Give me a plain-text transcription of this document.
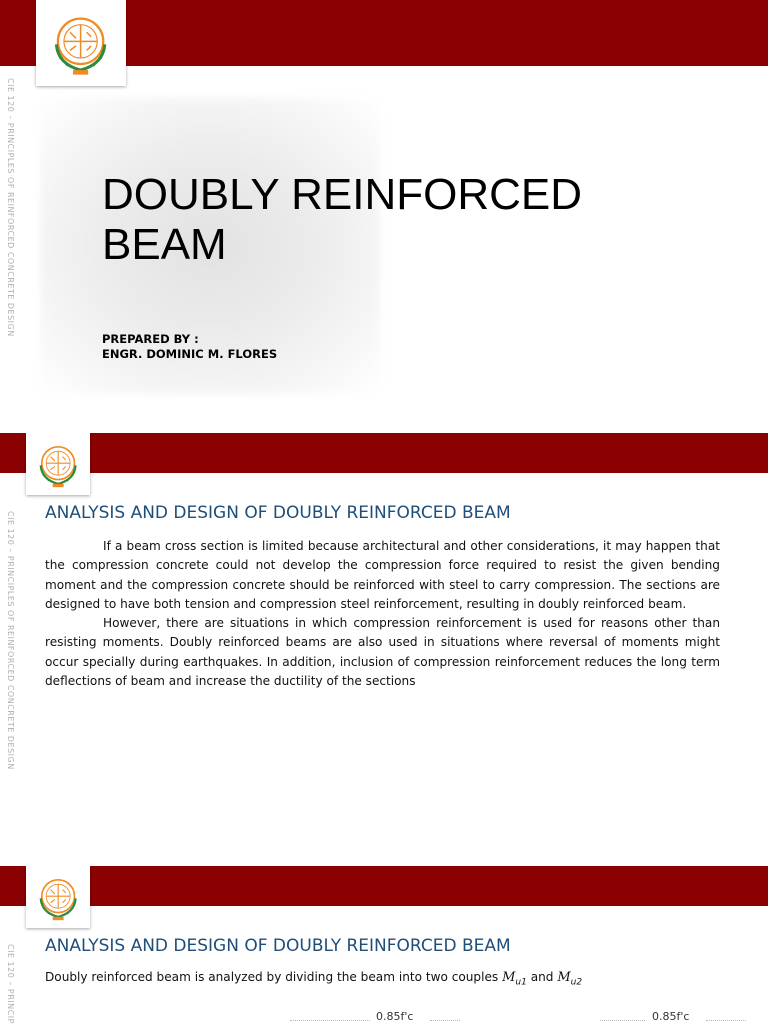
CIE 120 – PRINCIPLES OF REINFORCED CONCRETE DESIGN DOUBLY REINFORCED BEAM
PREPARED BY :
ENGR. DOMINIC M. FLORES
CIE 120 – PRINCIPLES OF REINFORCED CONCRETE DESIGN ANALYSIS AND DESIGN OF DOUBLY REINFORCED BEAM

If a beam cross section is limited because architectural and other considerations, it may happen that the compression concrete could not develop the compression force required to resist the given bending moment and the compression concrete should be reinforced with steel to carry compression. The sections are designed to have both tension and compression steel reinforcement, resulting in doubly reinforced beam.

However, there are situations in which compression reinforcement is used for reasons other than resisting moments. Doubly reinforced beams are also used in situations where reversal of moments might occur specially during earthquakes. In addition, inclusion of compression reinforcement reduces the long term deflections of beam and increase the ductility of the sections

CIE 120 – PRINCIP ANALYSIS AND DESIGN OF DOUBLY REINFORCED BEAM
Doubly reinforced beam is analyzed by dividing the beam into two couples $M_{u1}$ and $M_{u2}$
0.85f'c	0.85f'c
